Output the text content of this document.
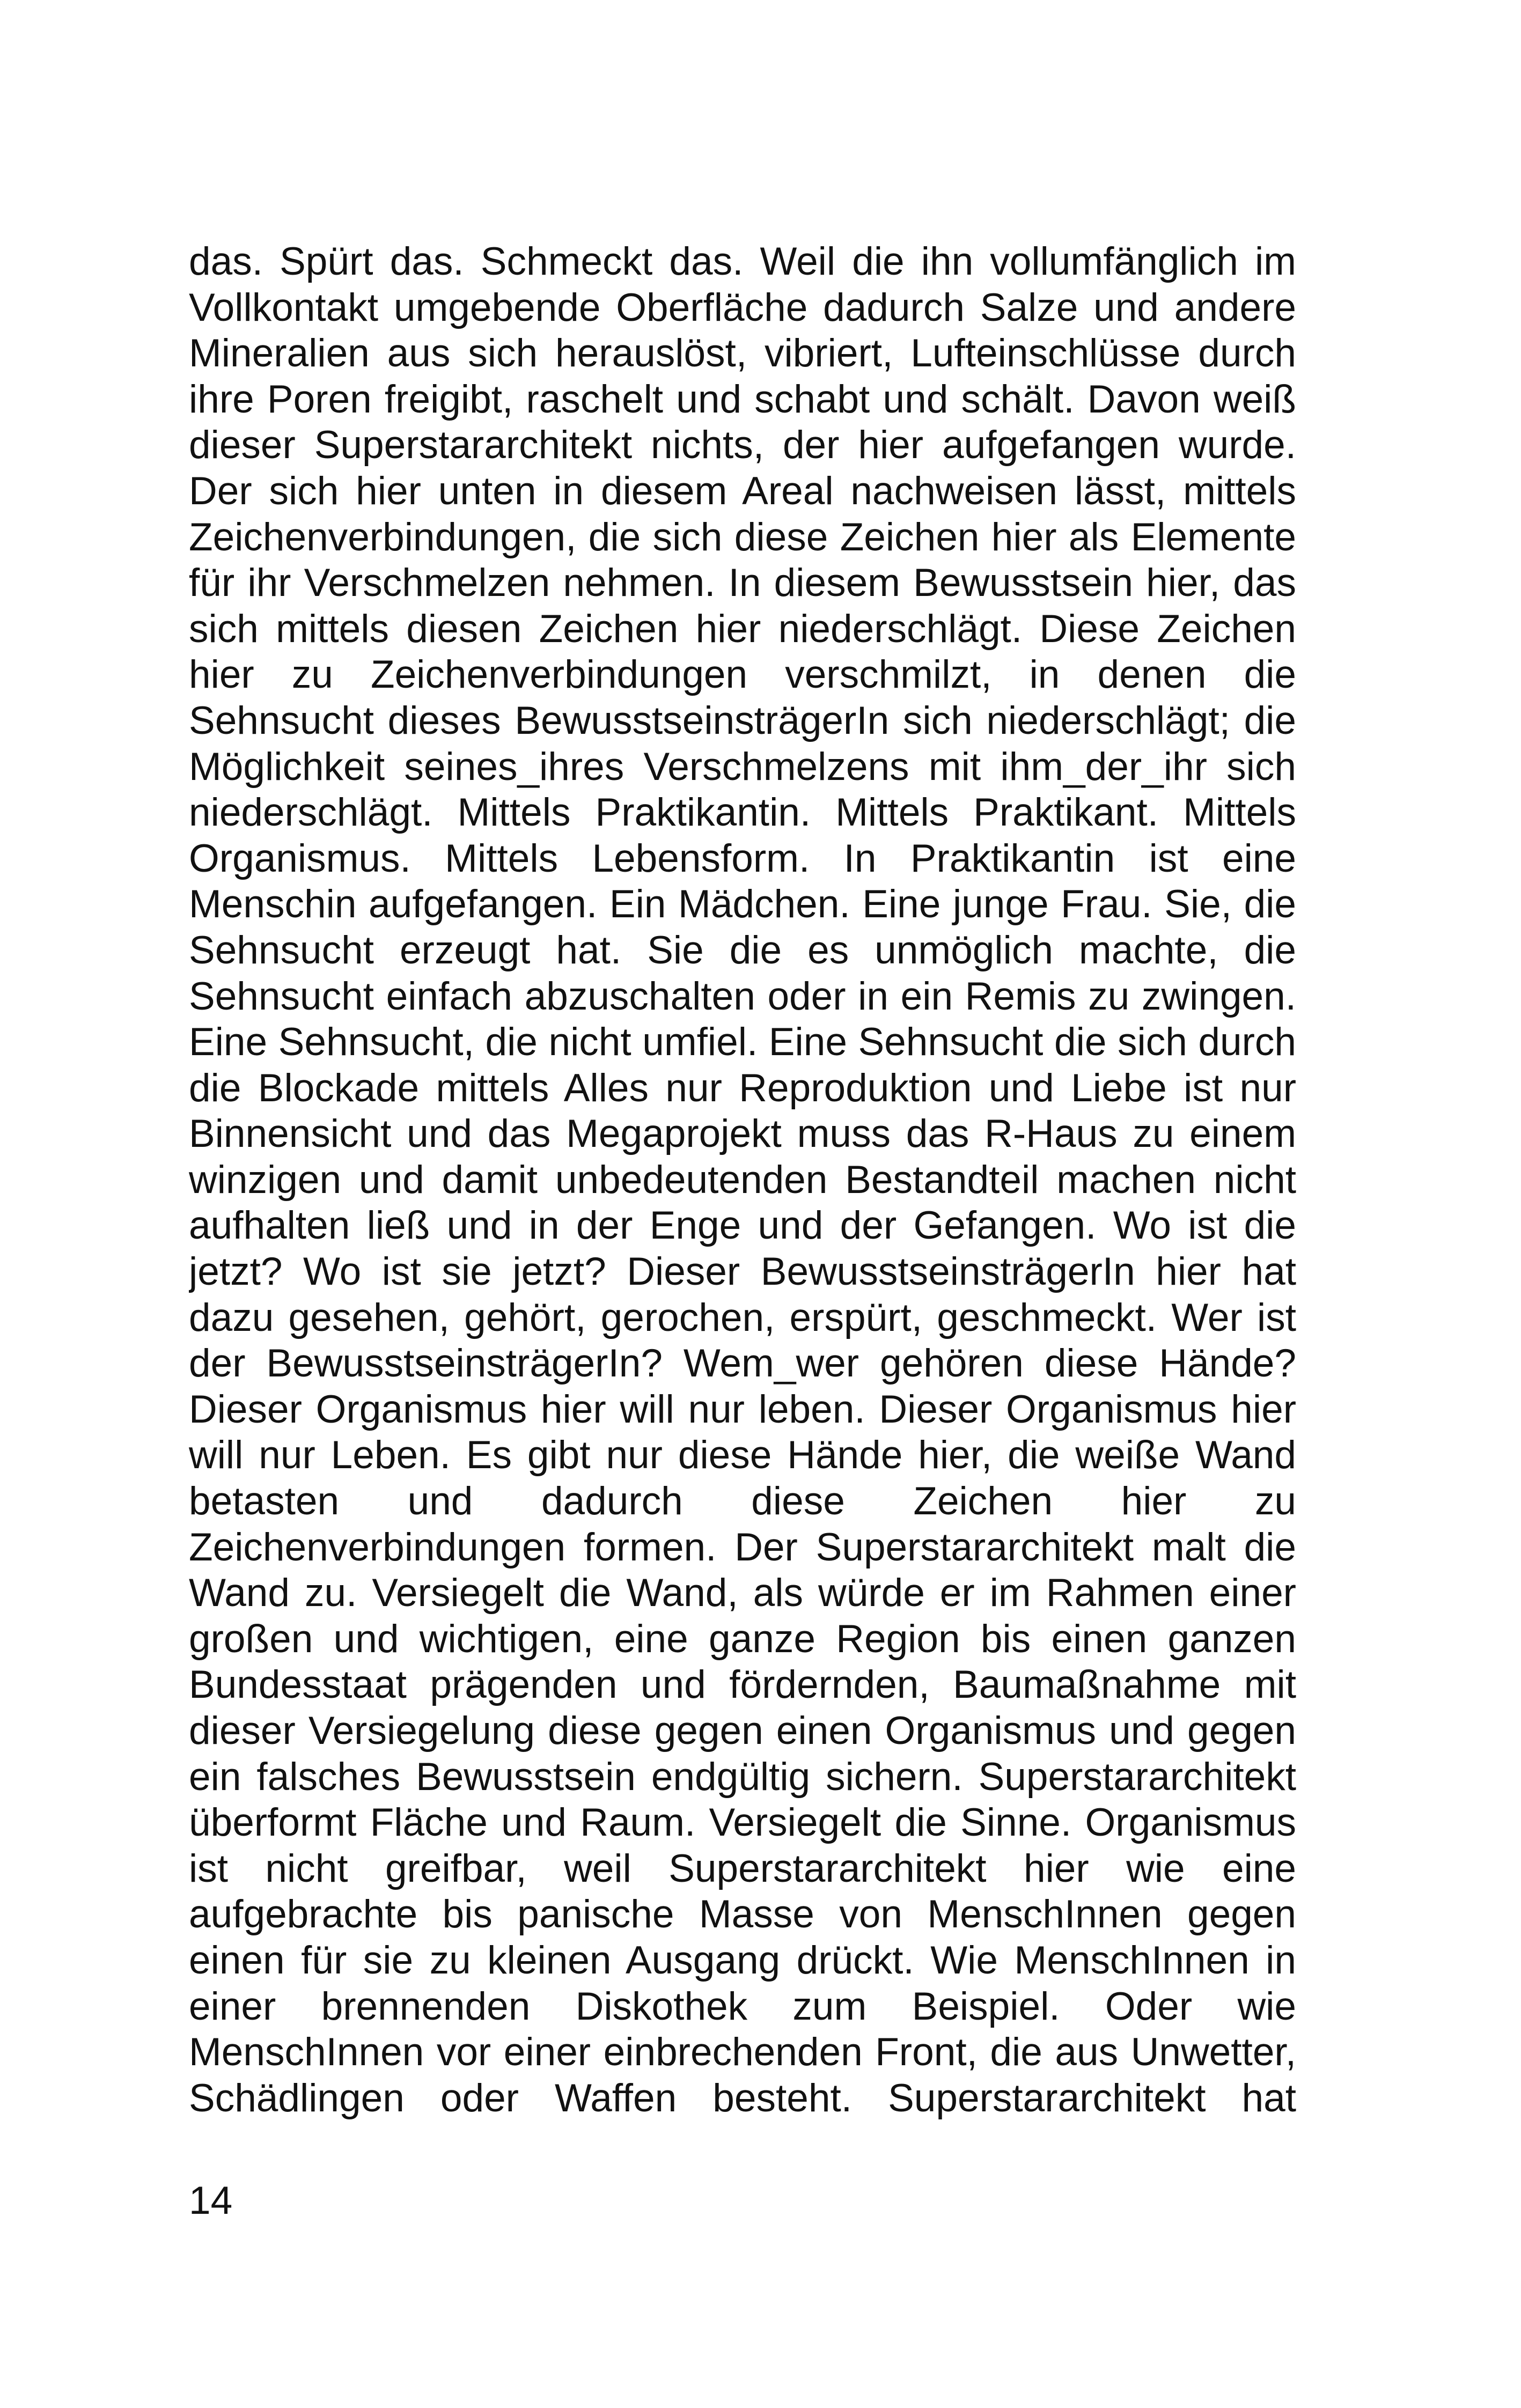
das. Spürt das. Schmeckt das. Weil die ihn vollumfänglich im
Vollkontakt umgebende Oberfläche dadurch Salze und andere
Mineralien aus sich herauslöst, vibriert, Lufteinschlüsse durch
ihre Poren freigibt, raschelt und schabt und schält. Davon weiß
dieser Superstararchitekt nichts, der hier aufgefangen wurde.
Der sich hier unten in diesem Areal nachweisen lässt, mittels
Zeichenverbindungen, die sich diese Zeichen hier als Elemente
für ihr Verschmelzen nehmen. In diesem Bewusstsein hier, das
sich mittels diesen Zeichen hier niederschlägt. Diese Zeichen
hier zu Zeichenverbindungen verschmilzt, in denen die
Sehnsucht dieses BewusstseinsträgerIn sich niederschlägt; die
Möglichkeit seines_ihres Verschmelzens mit ihm_der_ihr sich
niederschlägt. Mittels Praktikantin. Mittels Praktikant. Mittels
Organismus. Mittels Lebensform. In Praktikantin ist eine
Menschin aufgefangen. Ein Mädchen. Eine junge Frau. Sie, die
Sehnsucht erzeugt hat. Sie die es unmöglich machte, die
Sehnsucht einfach abzuschalten oder in ein Remis zu zwingen.
Eine Sehnsucht, die nicht umfiel. Eine Sehnsucht die sich durch
die Blockade mittels Alles nur Reproduktion und Liebe ist nur
Binnensicht und das Megaprojekt muss das R-Haus zu einem
winzigen und damit unbedeutenden Bestandteil machen nicht
aufhalten ließ und in der Enge und der Gefangen. Wo ist die
jetzt? Wo ist sie jetzt? Dieser BewusstseinsträgerIn hier hat
dazu gesehen, gehört, gerochen, erspürt, geschmeckt. Wer ist
der BewusstseinsträgerIn? Wem_wer gehören diese Hände?
Dieser Organismus hier will nur leben. Dieser Organismus hier
will nur Leben. Es gibt nur diese Hände hier, die weiße Wand
betasten und dadurch diese Zeichen hier zu
Zeichenverbindungen formen. Der Superstararchitekt malt die
Wand zu. Versiegelt die Wand, als würde er im Rahmen einer
großen und wichtigen, eine ganze Region bis einen ganzen
Bundesstaat prägenden und fördernden, Baumaßnahme mit
dieser Versiegelung diese gegen einen Organismus und gegen
ein falsches Bewusstsein endgültig sichern. Superstararchitekt
überformt Fläche und Raum. Versiegelt die Sinne. Organismus
ist nicht greifbar, weil Superstararchitekt hier wie eine
aufgebrachte bis panische Masse von MenschInnen gegen
einen für sie zu kleinen Ausgang drückt. Wie MenschInnen in
einer brennenden Diskothek zum Beispiel. Oder wie
MenschInnen vor einer einbrechenden Front, die aus Unwetter,
Schädlingen oder Waffen besteht. Superstararchitekt hat
14
